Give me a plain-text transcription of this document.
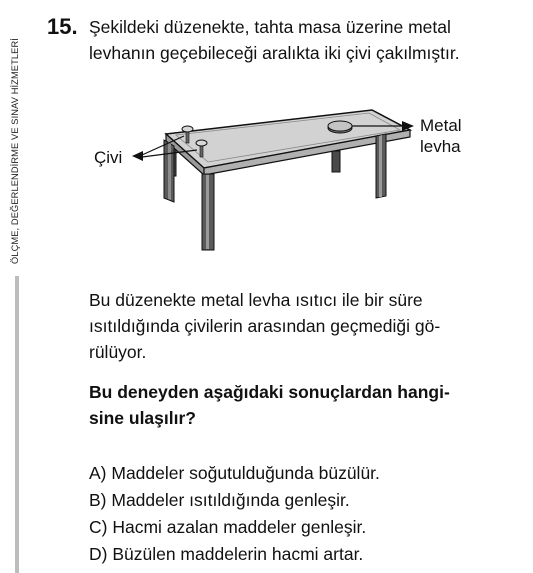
ÖLÇME, DEĞERLENDİRME VE SINAV HİZMETLERİ
15. Şekildeki düzenekte, tahta masa üzerine metal
levhanın geçebileceği aralıkta iki çivi çakılmıştır.
Çivi
Metal
levha
Bu düzenekte metal levha ısıtıcı ile bir süre
ısıtıldığında çivilerin arasından geçmediği gö-
rülüyor.
Bu deneyden aşağıdaki sonuçlardan hangi-
sine ulaşılır?
A) Maddeler soğutulduğunda büzülür.
B) Maddeler ısıtıldığında genleşir.
C) Hacmi azalan maddeler genleşir.
D) Büzülen maddelerin hacmi artar.
